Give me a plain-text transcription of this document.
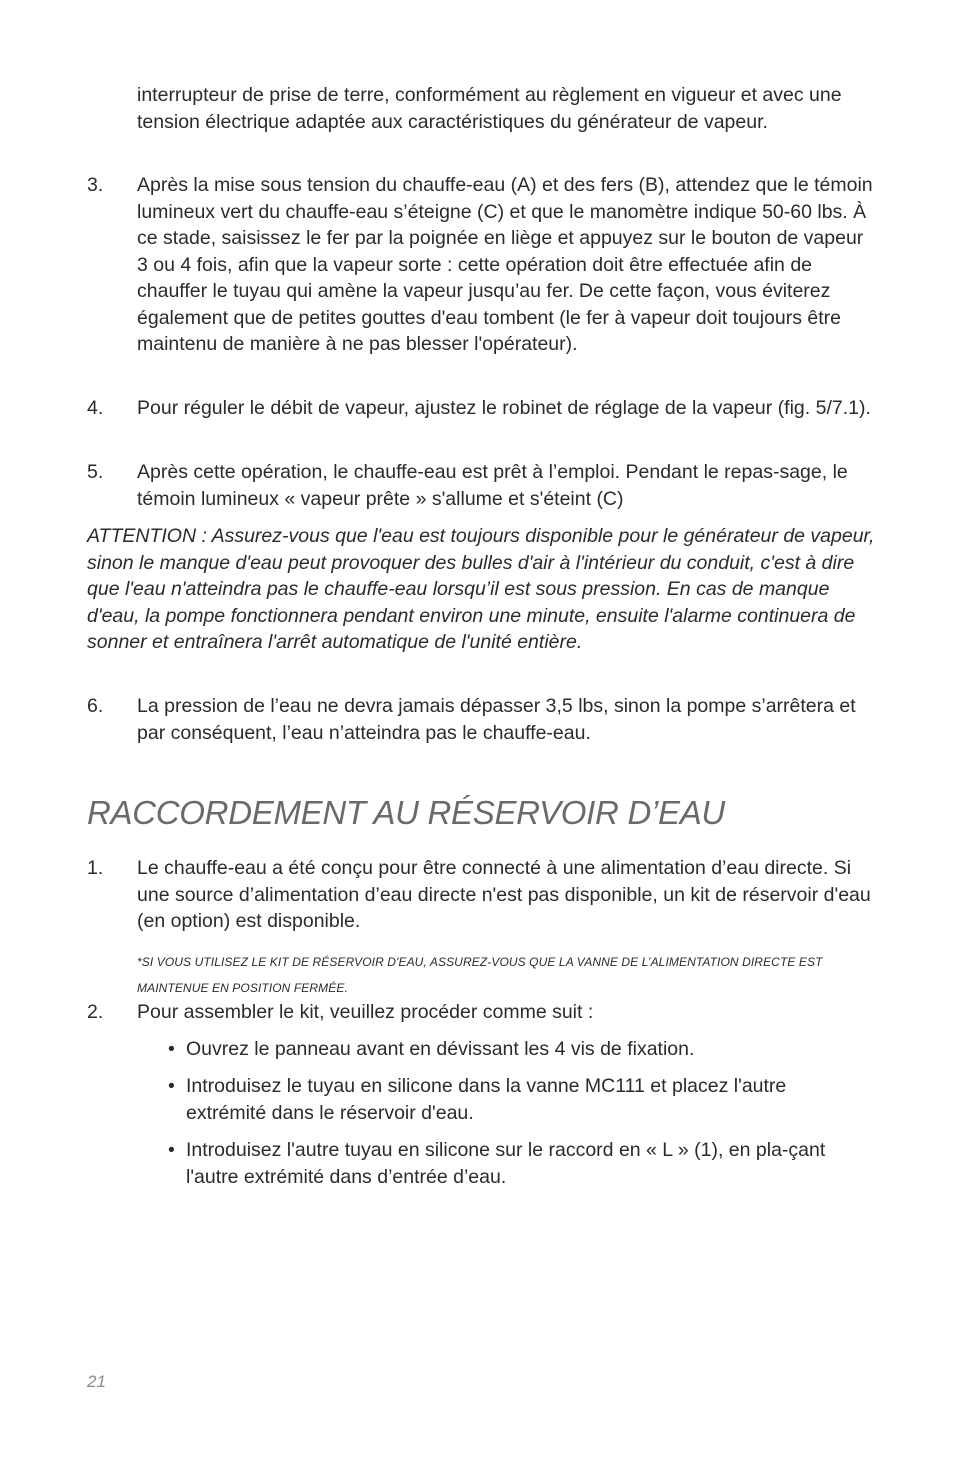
interrupteur de prise de terre, conformément au règlement en vigueur et avec une tension électrique adaptée aux caractéristiques du générateur de vapeur.

3. Après la mise sous tension du chauffe-eau (A) et des fers (B), attendez que le témoin lumineux vert du chauffe-eau s’éteigne (C) et que le manomètre indique 50-60 lbs. À ce stade, saisissez le fer par la poignée en liège et appuyez sur le bouton de vapeur 3 ou 4 fois, afin que la vapeur sorte : cette opération doit être effectuée afin de chauffer le tuyau qui amène la vapeur jusqu’au fer. De cette façon, vous éviterez également que de petites gouttes d'eau tombent (le fer à vapeur doit toujours être maintenu de manière à ne pas blesser l'opérateur).

4. Pour réguler le débit de vapeur, ajustez le robinet de réglage de la vapeur (fig. 5/7.1).

5. Après cette opération, le chauffe-eau est prêt à l’emploi. Pendant le repas-sage, le témoin lumineux « vapeur prête » s'allume et s'éteint (C)

ATTENTION : Assurez-vous que l'eau est toujours disponible pour le générateur de vapeur, sinon le manque d'eau peut provoquer des bulles d'air à l'intérieur du conduit, c'est à dire que l'eau n'atteindra pas le chauffe-eau lorsqu’il est sous pression. En cas de manque d'eau, la pompe fonctionnera pendant environ une minute, ensuite l'alarme continuera de sonner et entraînera l'arrêt automatique de l'unité entière.

6. La pression de l’eau ne devra jamais dépasser 3,5 lbs, sinon la pompe s’arrêtera et par conséquent, l’eau n’atteindra pas le chauffe-eau.

RACCORDEMENT AU RÉSERVOIR D’EAU
1. Le chauffe-eau a été conçu pour être connecté à une alimentation d’eau directe. Si une source d’alimentation d’eau directe n'est pas disponible, un kit de réservoir d'eau (en option) est disponible.

*SI VOUS UTILISEZ LE KIT DE RÉSERVOIR D'EAU, ASSUREZ-VOUS QUE LA VANNE DE L’ALIMENTATION DIRECTE EST MAINTENUE EN POSITION FERMÉE.

2. Pour assembler le kit, veuillez procéder comme suit :

• Ouvrez le panneau avant en dévissant les 4 vis de fixation.
• Introduisez le tuyau en silicone dans la vanne MC111 et placez l'autre extrémité dans le réservoir d'eau.
• Introduisez l'autre tuyau en silicone sur le raccord en « L » (1), en pla-çant l'autre extrémité dans d’entrée d’eau.
21
